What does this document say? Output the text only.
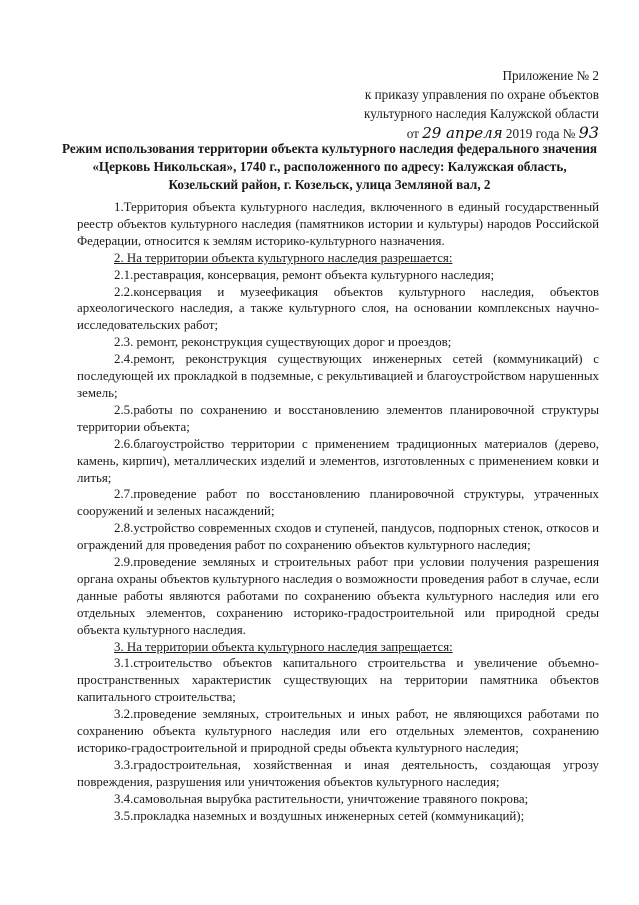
Приложение № 2
к приказу управления по охране объектов
культурного наследия Калужской области
от 29 апреля 2019 года № 93
Режим использования территории объекта культурного наследия федерального значения «Церковь Никольская», 1740 г., расположенного по адресу: Калужская область, Козельский район, г. Козельск, улица Земляной вал, 2

1.Территория объекта культурного наследия, включенного в единый государственный реестр объектов культурного наследия (памятников истории и культуры) народов Российской Федерации, относится к землям историко-культурного назначения.

2. На территории объекта культурного наследия разрешается:

2.1.реставрация, консервация, ремонт объекта культурного наследия;

2.2.консервация и музеефикация объектов культурного наследия, объектов археологического наследия, а также культурного слоя, на основании комплексных научно-исследовательских работ;

2.3. ремонт, реконструкция существующих дорог и проездов;

2.4.ремонт, реконструкция существующих инженерных сетей (коммуникаций) с последующей их прокладкой в подземные, с рекультивацией и благоустройством нарушенных земель;

2.5.работы по сохранению и восстановлению элементов планировочной структуры территории объекта;

2.6.благоустройство территории с применением традиционных материалов (дерево, камень, кирпич), металлических изделий и элементов, изготовленных с применением ковки и литья;

2.7.проведение работ по восстановлению планировочной структуры, утраченных сооружений и зеленых насаждений;

2.8.устройство современных сходов и ступеней, пандусов, подпорных стенок, откосов и ограждений для проведения работ по сохранению объектов культурного наследия;

2.9.проведение земляных и строительных работ при условии получения разрешения органа охраны объектов культурного наследия о возможности проведения работ в случае, если данные работы являются работами по сохранению объекта культурного наследия или его отдельных элементов, сохранению историко-градостроительной или природной среды объекта культурного наследия.

3. На территории объекта культурного наследия запрещается:

3.1.строительство объектов капитального строительства и увеличение объемно-пространственных характеристик существующих на территории памятника объектов капитального строительства;

3.2.проведение земляных, строительных и иных работ, не являющихся работами по сохранению объекта культурного наследия или его отдельных элементов, сохранению историко-градостроительной и природной среды объекта культурного наследия;

3.3.градостроительная, хозяйственная и иная деятельность, создающая угрозу повреждения, разрушения или уничтожения объектов культурного наследия;

3.4.самовольная вырубка растительности, уничтожение травяного покрова;

3.5.прокладка наземных и воздушных инженерных сетей (коммуникаций);
